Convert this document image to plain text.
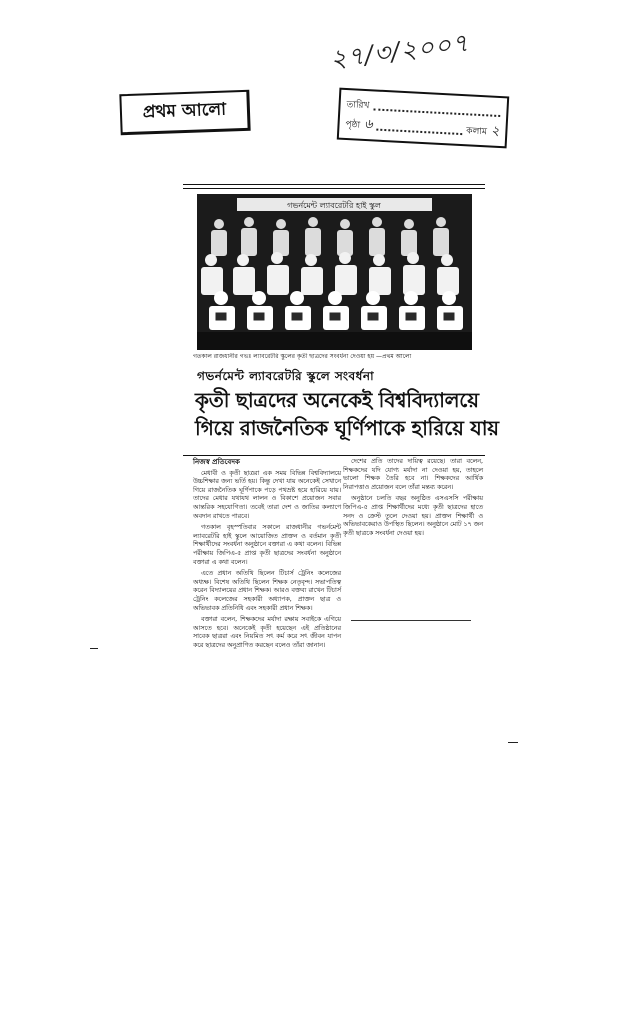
২৭/৩/২০০৭
প্রথম আলো	তারিখ
পৃষ্ঠা ৬	কলাম ২
গভর্নমেন্ট ল্যাবরেটরি হাই স্কুল
গতকাল রাজধানীর গভঃ ল্যাবরেটরি স্কুলের কৃতী ছাত্রদের সংবর্ধনা দেওয়া হয় —প্রথম আলো
গভর্নমেন্ট ল্যাবরেটরি স্কুলে সংবর্ধনা
কৃতী ছাত্রদের অনেকেই বিশ্ববিদ্যালয়ে
গিয়ে রাজনৈতিক ঘূর্ণিপাকে হারিয়ে যায়
নিজস্ব প্রতিবেদক

মেধাবী ও কৃতী ছাত্ররা এক সময় বিভিন্ন বিশ্ববিদ্যালয়ে উচ্চশিক্ষার জন্য ভর্তি হয়। কিন্তু দেখা যায় অনেকেই সেখানে গিয়ে রাজনৈতিক ঘূর্ণিপাকে পড়ে পথভ্রষ্ট হয়ে হারিয়ে যায়। তাদের মেধার যথাযথ লালন ও বিকাশে প্রয়োজন সবার আন্তরিক সহযোগিতা। তবেই তারা দেশ ও জাতির কল্যাণে অবদান রাখতে পারবে।

গতকাল বৃহস্পতিবার সকালে রাজধানীর গভর্নমেন্ট ল্যাবরেটরি হাই স্কুলে আয়োজিত প্রাক্তন ও বর্তমান কৃতী শিক্ষার্থীদের সংবর্ধনা অনুষ্ঠানে বক্তারা এ কথা বলেন। বিভিন্ন পরীক্ষায় জিপিএ-৫ প্রাপ্ত কৃতী ছাত্রদের সংবর্ধনা অনুষ্ঠানে বক্তারা এ কথা বলেন।

এতে প্রধান অতিথি ছিলেন টিচার্স ট্রেনিং কলেজের অধ্যক্ষ। বিশেষ অতিথি ছিলেন শিক্ষক নেতৃবৃন্দ। সভাপতিত্ব করেন বিদ্যালয়ের প্রধান শিক্ষক। আরও বক্তব্য রাখেন টিচার্স ট্রেনিং কলেজের সহকারী অধ্যাপক, প্রাক্তন ছাত্র ও অভিভাবক প্রতিনিধি এবং সহকারী প্রধান শিক্ষক।

বক্তারা বলেন, শিক্ষকদের মর্যাদা রক্ষায় সবাইকে এগিয়ে আসতে হবে। অনেকেই কৃতী হয়েছেন এই প্রতিষ্ঠানের সাবেক ছাত্ররা এবং নিয়মিত সৎ কর্ম করে সৎ জীবন যাপন করে ছাত্রদের অনুপ্রাণিত করছেন বলেও তাঁরা জানান।

দেশের প্রতি তাদের দায়িত্ব রয়েছে। তারা বলেন, শিক্ষকদের যদি যোগ্য মর্যাদা না দেওয়া হয়, তাহলে ভালো শিক্ষক তৈরি হবে না। শিক্ষকদের আর্থিক নিরাপত্তাও প্রয়োজন বলে তাঁরা মন্তব্য করেন।

অনুষ্ঠানে চলতি বছর অনুষ্ঠিত এসএসসি পরীক্ষায় জিপিএ-৫ প্রাপ্ত শিক্ষার্থীদের মধ্যে কৃতী ছাত্রদের হাতে সনদ ও ক্রেস্ট তুলে দেওয়া হয়। প্রাক্তন শিক্ষার্থী ও অভিভাবকেরাও উপস্থিত ছিলেন। অনুষ্ঠানে মোট ১৭ জন কৃতী ছাত্রকে সংবর্ধনা দেওয়া হয়।
